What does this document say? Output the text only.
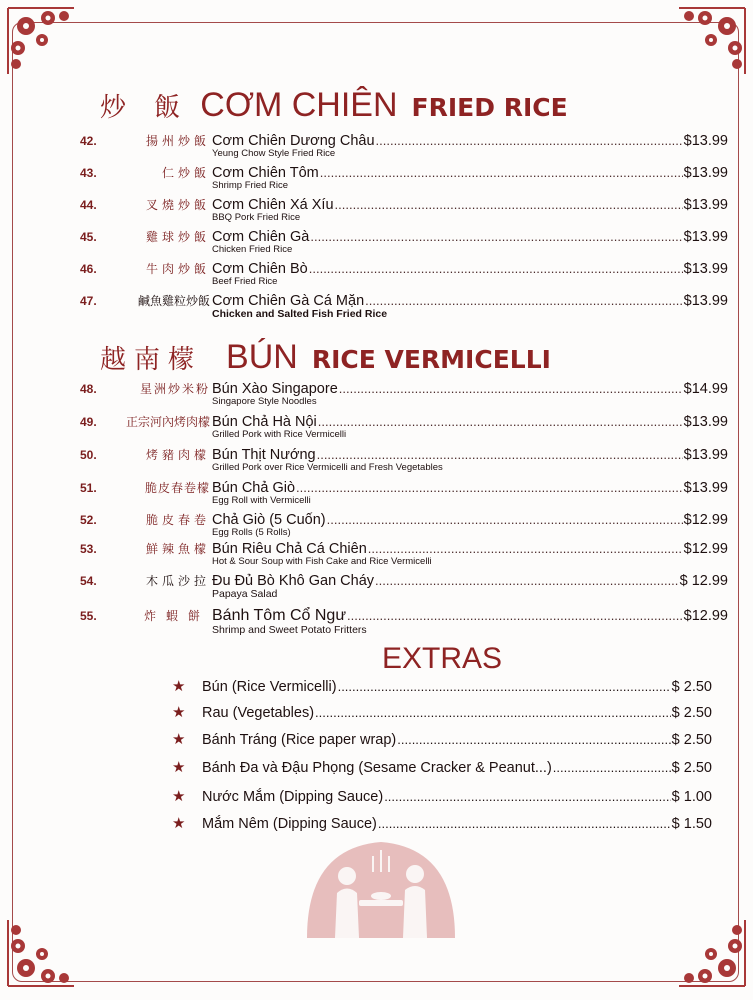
炒 飯 CƠM CHIÊN FRIED RICE
42.	揚州炒飯 Cơm Chiên Dương Châu .....	$13.99
Yeung Chow Style Fried Rice
43.	仁炒飯 Cơm Chiên Tôm .....	$13.99
Shrimp Fried Rice
44.	叉燒炒飯 Cơm Chiên Xá Xíu .....	$13.99
BBQ Pork Fried Rice
45.	雞球炒飯 Cơm Chiên Gà .....	$13.99
Chicken Fried Rice
46.	牛肉炒飯 Cơm Chiên Bò .....	$13.99
Beef Fried Rice
47.	鹹魚雞粒炒飯 Cơm Chiên Gà Cá Mặn .....	$13.99
Chicken and Salted Fish Fried Rice
越南檬 BÚN RICE VERMICELLI
48.	星洲炒米粉 Bún Xào Singapore .....	$14.99
Singapore Style Noodles
49.	正宗河內烤肉檬 Bún Chả Hà Nội .....	$13.99
Grilled Pork with Rice Vermicelli
50.	烤豬肉檬 Bún Thịt Nướng .....	$13.99
Grilled Pork over Rice Vermicelli and Fresh Vegetables
51.	脆皮春卷檬 Bún Chả Giò .....	$13.99
Egg Roll with Vermicelli
52.	脆皮春卷 Chả Giò (5 Cuốn) .....	$12.99
Egg Rolls (5 Rolls)
53.	鮮辣魚檬 Bún Riêu Chả Cá Chiên .....	$12.99
Hot & Sour Soup with Fish Cake and Rice Vermicelli
54.	木瓜沙拉 Đu Đủ Bò Khô Gan Cháy .....	$ 12.99
Papaya Salad
55.	炸蝦餅 Bánh Tôm Cổ Ngư .....	$12.99
Shrimp and Sweet Potato Fritters
EXTRAS
★	Bún (Rice Vermicelli) .....	$ 2.50
★	Rau (Vegetables) .....	$ 2.50
★	Bánh Tráng (Rice paper wrap) .....	$ 2.50
★	Bánh Đa và Đậu Phọng (Sesame Cracker & Peanut...) .....	$ 2.50
★	Nước Mắm (Dipping Sauce) .....	$ 1.00
★	Mắm Nêm (Dipping Sauce) .....	$ 1.50
